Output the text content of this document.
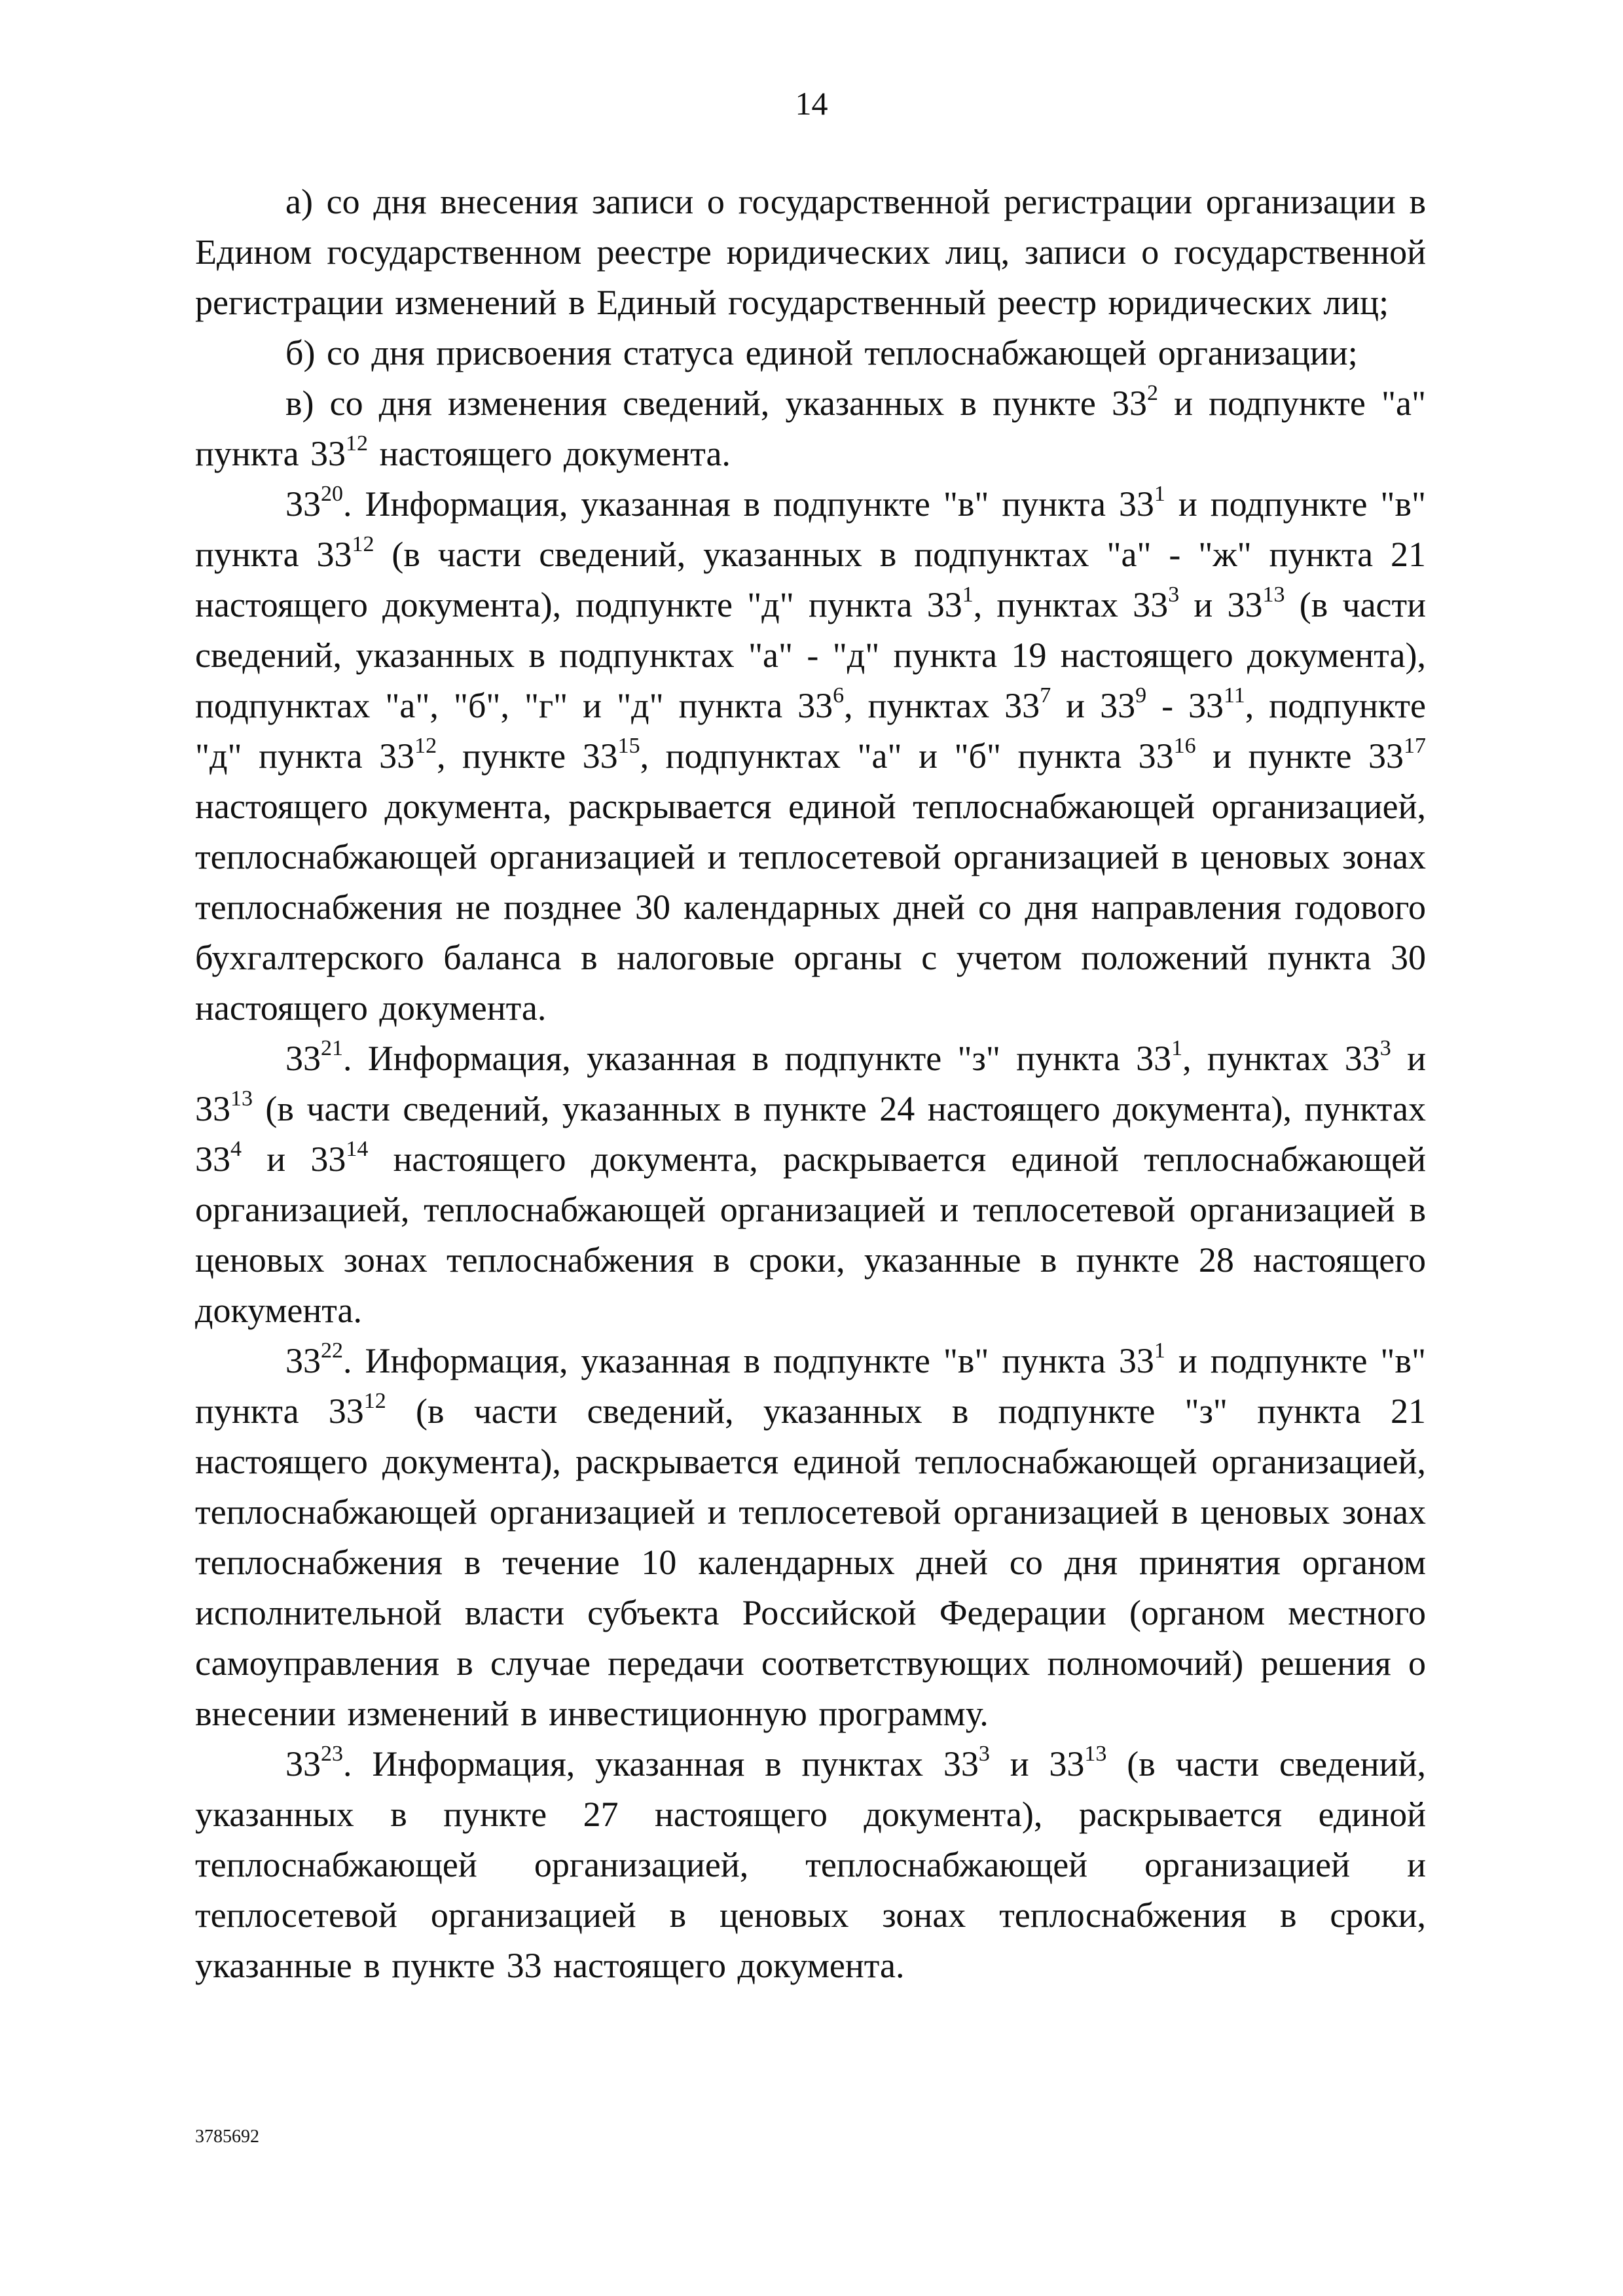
14

а) со дня внесения записи о государственной регистрации организации в Едином государственном реестре юридических лиц, записи о государственной регистрации изменений в Единый государственный реестр юридических лиц;

б) со дня присвоения статуса единой теплоснабжающей организации;

в) со дня изменения сведений, указанных в пункте $33^2$ и подпункте "а" пункта $33^{12}$ настоящего документа.

$33^{20}$. Информация, указанная в подпункте "в" пункта $33^1$ и подпункте "в" пункта $33^{12}$ (в части сведений, указанных в подпунктах "а" - "ж" пункта 21 настоящего документа), подпункте "д" пункта $33^1$, пунктах $33^3$ и $33^{13}$ (в части сведений, указанных в подпунктах "а" - "д" пункта 19 настоящего документа), подпунктах "а", "б", "г" и "д" пункта $33^6$, пунктах $33^7$ и $33^9 - 33^{11}$, подпункте "д" пункта $33^{12}$, пункте $33^{15}$, подпунктах "а" и "б" пункта $33^{16}$ и пункте $33^{17}$ настоящего документа, раскрывается единой теплоснабжающей организацией, теплоснабжающей организацией и теплосетевой организацией в ценовых зонах теплоснабжения не позднее 30 календарных дней со дня направления годового бухгалтерского баланса в налоговые органы с учетом положений пункта 30 настоящего документа.

$33^{21}$. Информация, указанная в подпункте "з" пункта $33^1$, пунктах $33^3$ и $33^{13}$ (в части сведений, указанных в пункте 24 настоящего документа), пунктах $33^4$ и $33^{14}$ настоящего документа, раскрывается единой теплоснабжающей организацией, теплоснабжающей организацией и теплосетевой организацией в ценовых зонах теплоснабжения в сроки, указанные в пункте 28 настоящего документа.

$33^{22}$. Информация, указанная в подпункте "в" пункта $33^1$ и подпункте "в" пункта $33^{12}$ (в части сведений, указанных в подпункте "з" пункта 21 настоящего документа), раскрывается единой теплоснабжающей организацией, теплоснабжающей организацией и теплосетевой организацией в ценовых зонах теплоснабжения в течение 10 календарных дней со дня принятия органом исполнительной власти субъекта Российской Федерации (органом местного самоуправления в случае передачи соответствующих полномочий) решения о внесении изменений в инвестиционную программу.

$33^{23}$. Информация, указанная в пунктах $33^3$ и $33^{13}$ (в части сведений, указанных в пункте 27 настоящего документа), раскрывается единой теплоснабжающей организацией, теплоснабжающей организацией и теплосетевой организацией в ценовых зонах теплоснабжения в сроки, указанные в пункте 33 настоящего документа.

3785692
